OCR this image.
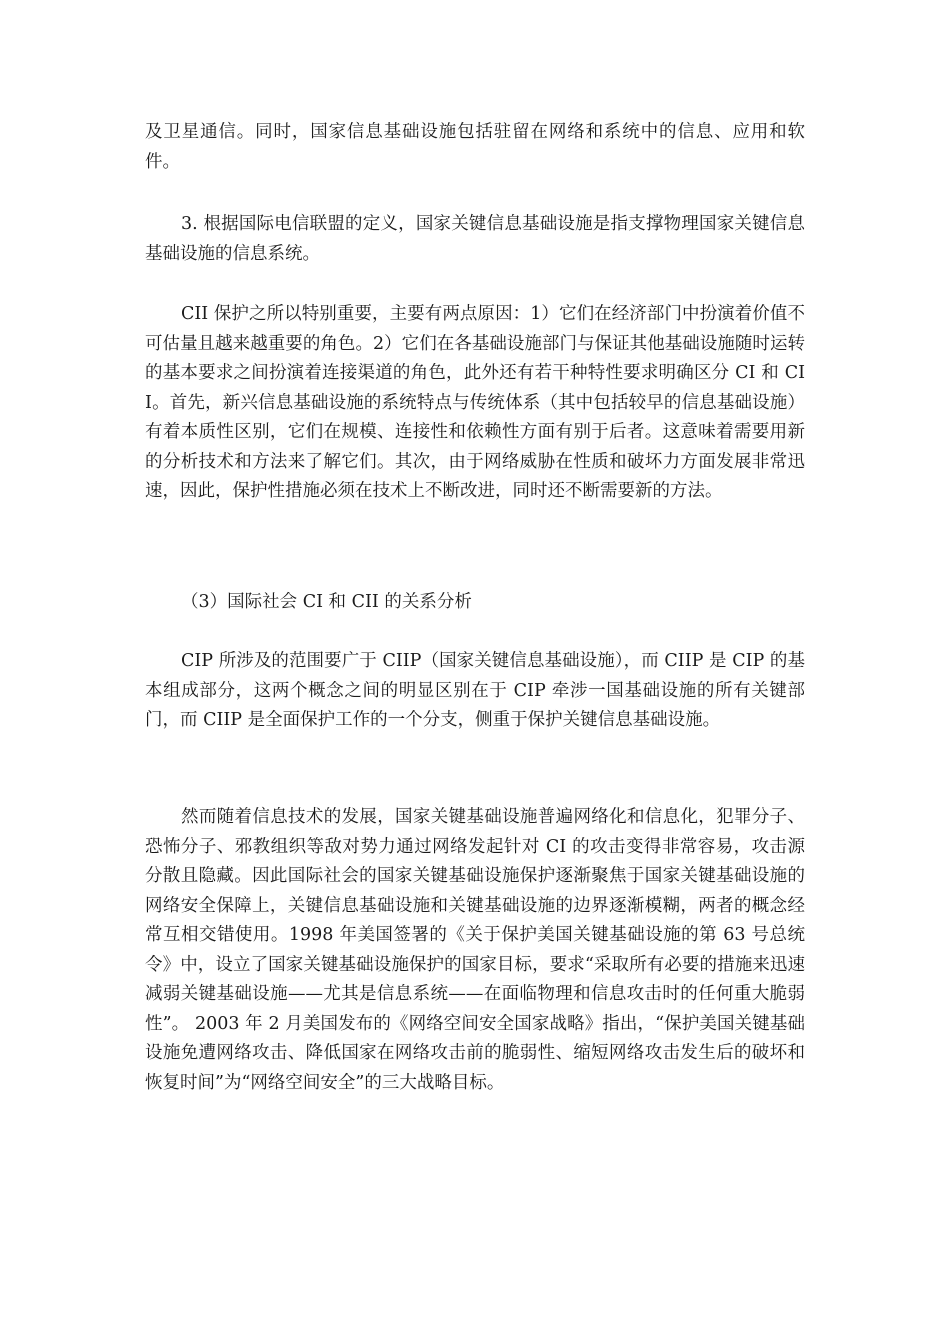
及卫星通信。同时，国家信息基础设施包括驻留在网络和系统中的信息、应用和软件。

3. 根据国际电信联盟的定义，国家关键信息基础设施是指支撑物理国家关键信息基础设施的信息系统。

CII 保护之所以特别重要，主要有两点原因：1）它们在经济部门中扮演着价值不可估量且越来越重要的角色。2）它们在各基础设施部门与保证其他基础设施随时运转的基本要求之间扮演着连接渠道的角色，此外还有若干种特性要求明确区分 CI 和 CII。首先，新兴信息基础设施的系统特点与传统体系（其中包括较早的信息基础设施）有着本质性区别，它们在规模、连接性和依赖性方面有别于后者。这意味着需要用新的分析技术和方法来了解它们。其次，由于网络威胁在性质和破坏力方面发展非常迅速，因此，保护性措施必须在技术上不断改进，同时还不断需要新的方法。

（3）国际社会 CI 和 CII 的关系分析

CIP 所涉及的范围要广于 CIIP（国家关键信息基础设施），而 CIIP 是 CIP 的基本组成部分，这两个概念之间的明显区别在于 CIP 牵涉一国基础设施的所有关键部门，而 CIIP 是全面保护工作的一个分支，侧重于保护关键信息基础设施。

然而随着信息技术的发展，国家关键基础设施普遍网络化和信息化，犯罪分子、恐怖分子、邪教组织等敌对势力通过网络发起针对 CI 的攻击变得非常容易，攻击源分散且隐藏。因此国际社会的国家关键基础设施保护逐渐聚焦于国家关键基础设施的网络安全保障上，关键信息基础设施和关键基础设施的边界逐渐模糊，两者的概念经常互相交错使用。1998 年美国签署的《关于保护美国关键基础设施的第 63 号总统令》中，设立了国家关键基础设施保护的国家目标，要求“采取所有必要的措施来迅速减弱关键基础设施——尤其是信息系统——在面临物理和信息攻击时的任何重大脆弱性”。 2003 年 2 月美国发布的《网络空间安全国家战略》指出，“保护美国关键基础设施免遭网络攻击、降低国家在网络攻击前的脆弱性、缩短网络攻击发生后的破坏和恢复时间”为“网络空间安全”的三大战略目标。
